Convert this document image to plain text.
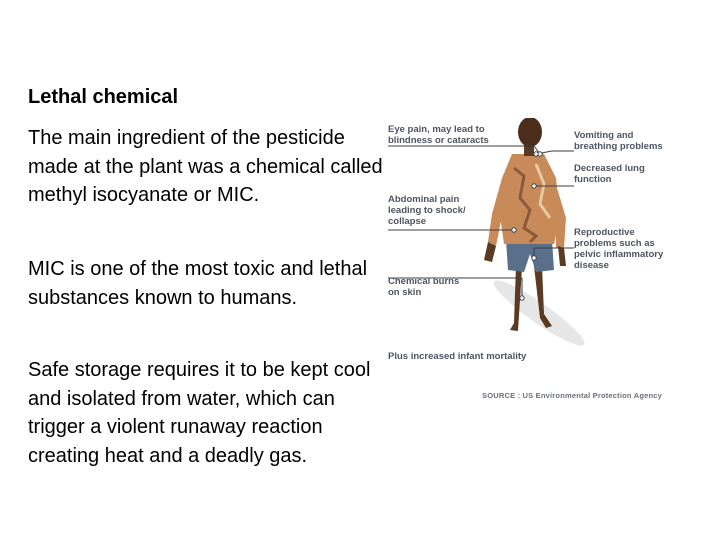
Lethal chemical
The main ingredient of the pesticide made at the plant was a chemical called methyl isocyanate or MIC.
MIC is one of the most toxic and lethal substances known to humans.
Safe storage requires it to be kept cool and isolated from water, which can trigger a violent runaway reaction creating heat and a deadly gas.
Eye pain, may lead to
blindness or cataracts
Abdominal pain
leading to shock/
collapse
Chemical burns
on skin
Vomiting and
breathing problems
Decreased lung
function
Reproductive
problems such as
pelvic inflammatory
disease
Plus increased infant mortality
SOURCE : US Environmental Protection Agency
